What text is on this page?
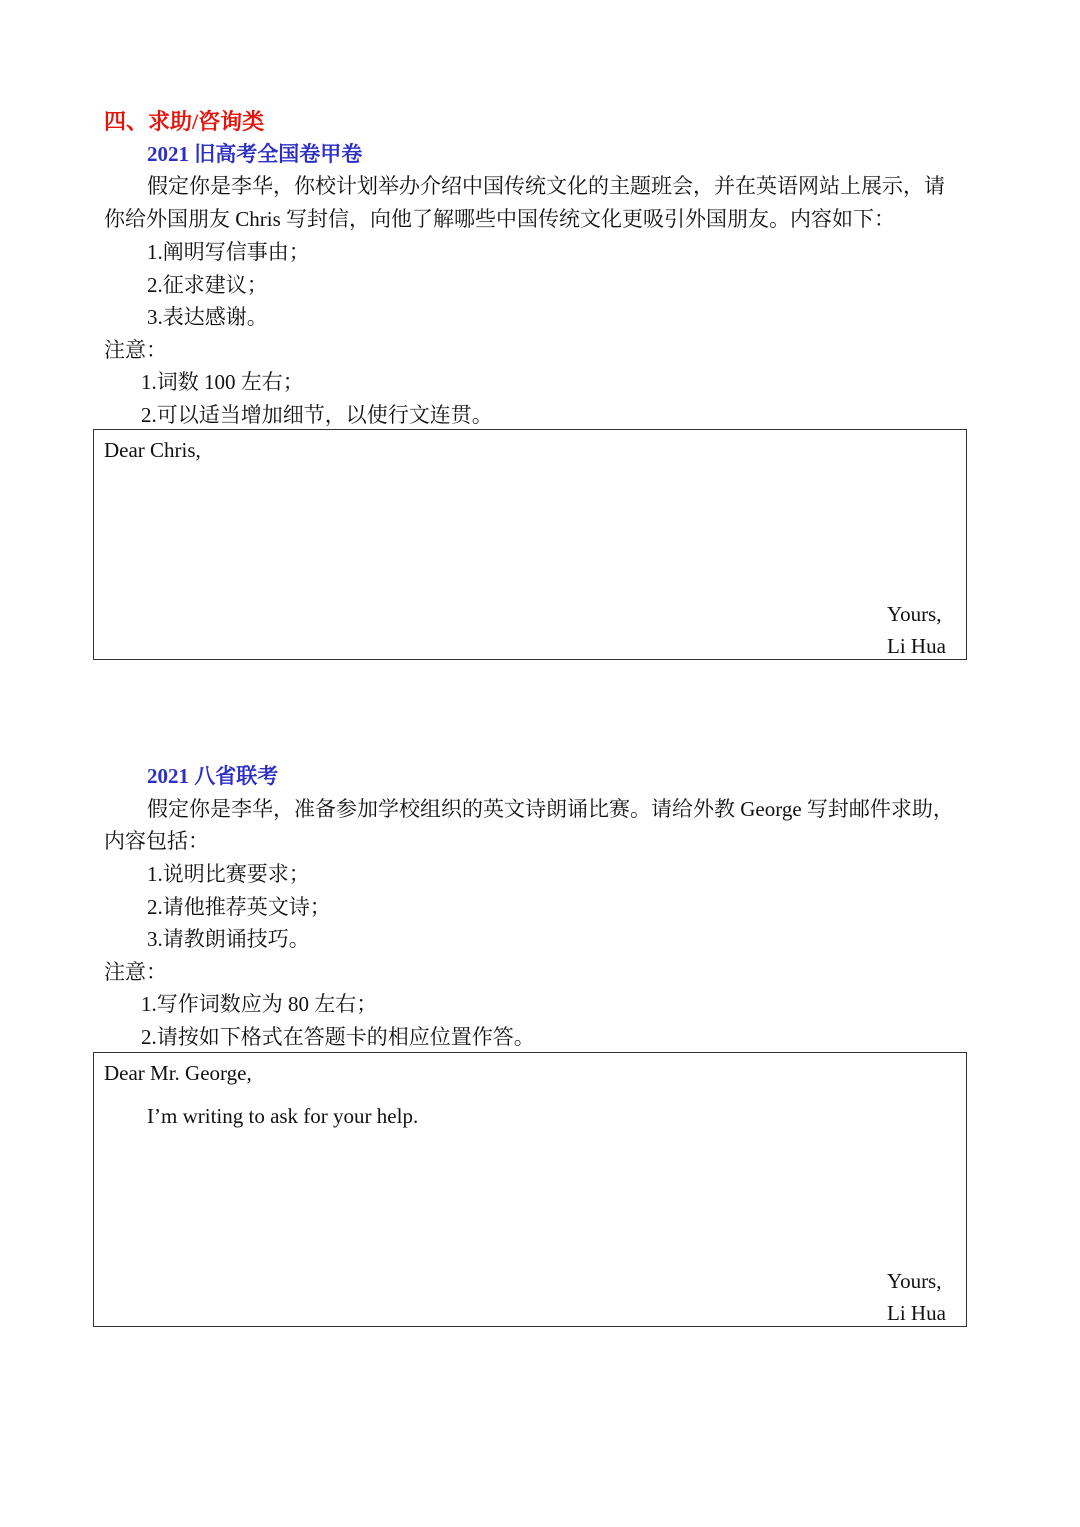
四、求助/咨询类
2021 旧高考全国卷甲卷
假定你是李华，你校计划举办介绍中国传统文化的主题班会，并在英语网站上展示，请
你给外国朋友 Chris 写封信，向他了解哪些中国传统文化更吸引外国朋友。内容如下：
1.阐明写信事由；
2.征求建议；
3.表达感谢。
注意：
1.词数 100 左右；
2.可以适当增加细节，以使行文连贯。
Dear Chris,
Yours,
Li Hua
2021 八省联考
假定你是李华，准备参加学校组织的英文诗朗诵比赛。请给外教 George 写封邮件求助，
内容包括：
1.说明比赛要求；
2.请他推荐英文诗；
3.请教朗诵技巧。
注意：
1.写作词数应为 80 左右；
2.请按如下格式在答题卡的相应位置作答。
Dear Mr. George,
I’m writing to ask for your help.
Yours,
Li Hua
